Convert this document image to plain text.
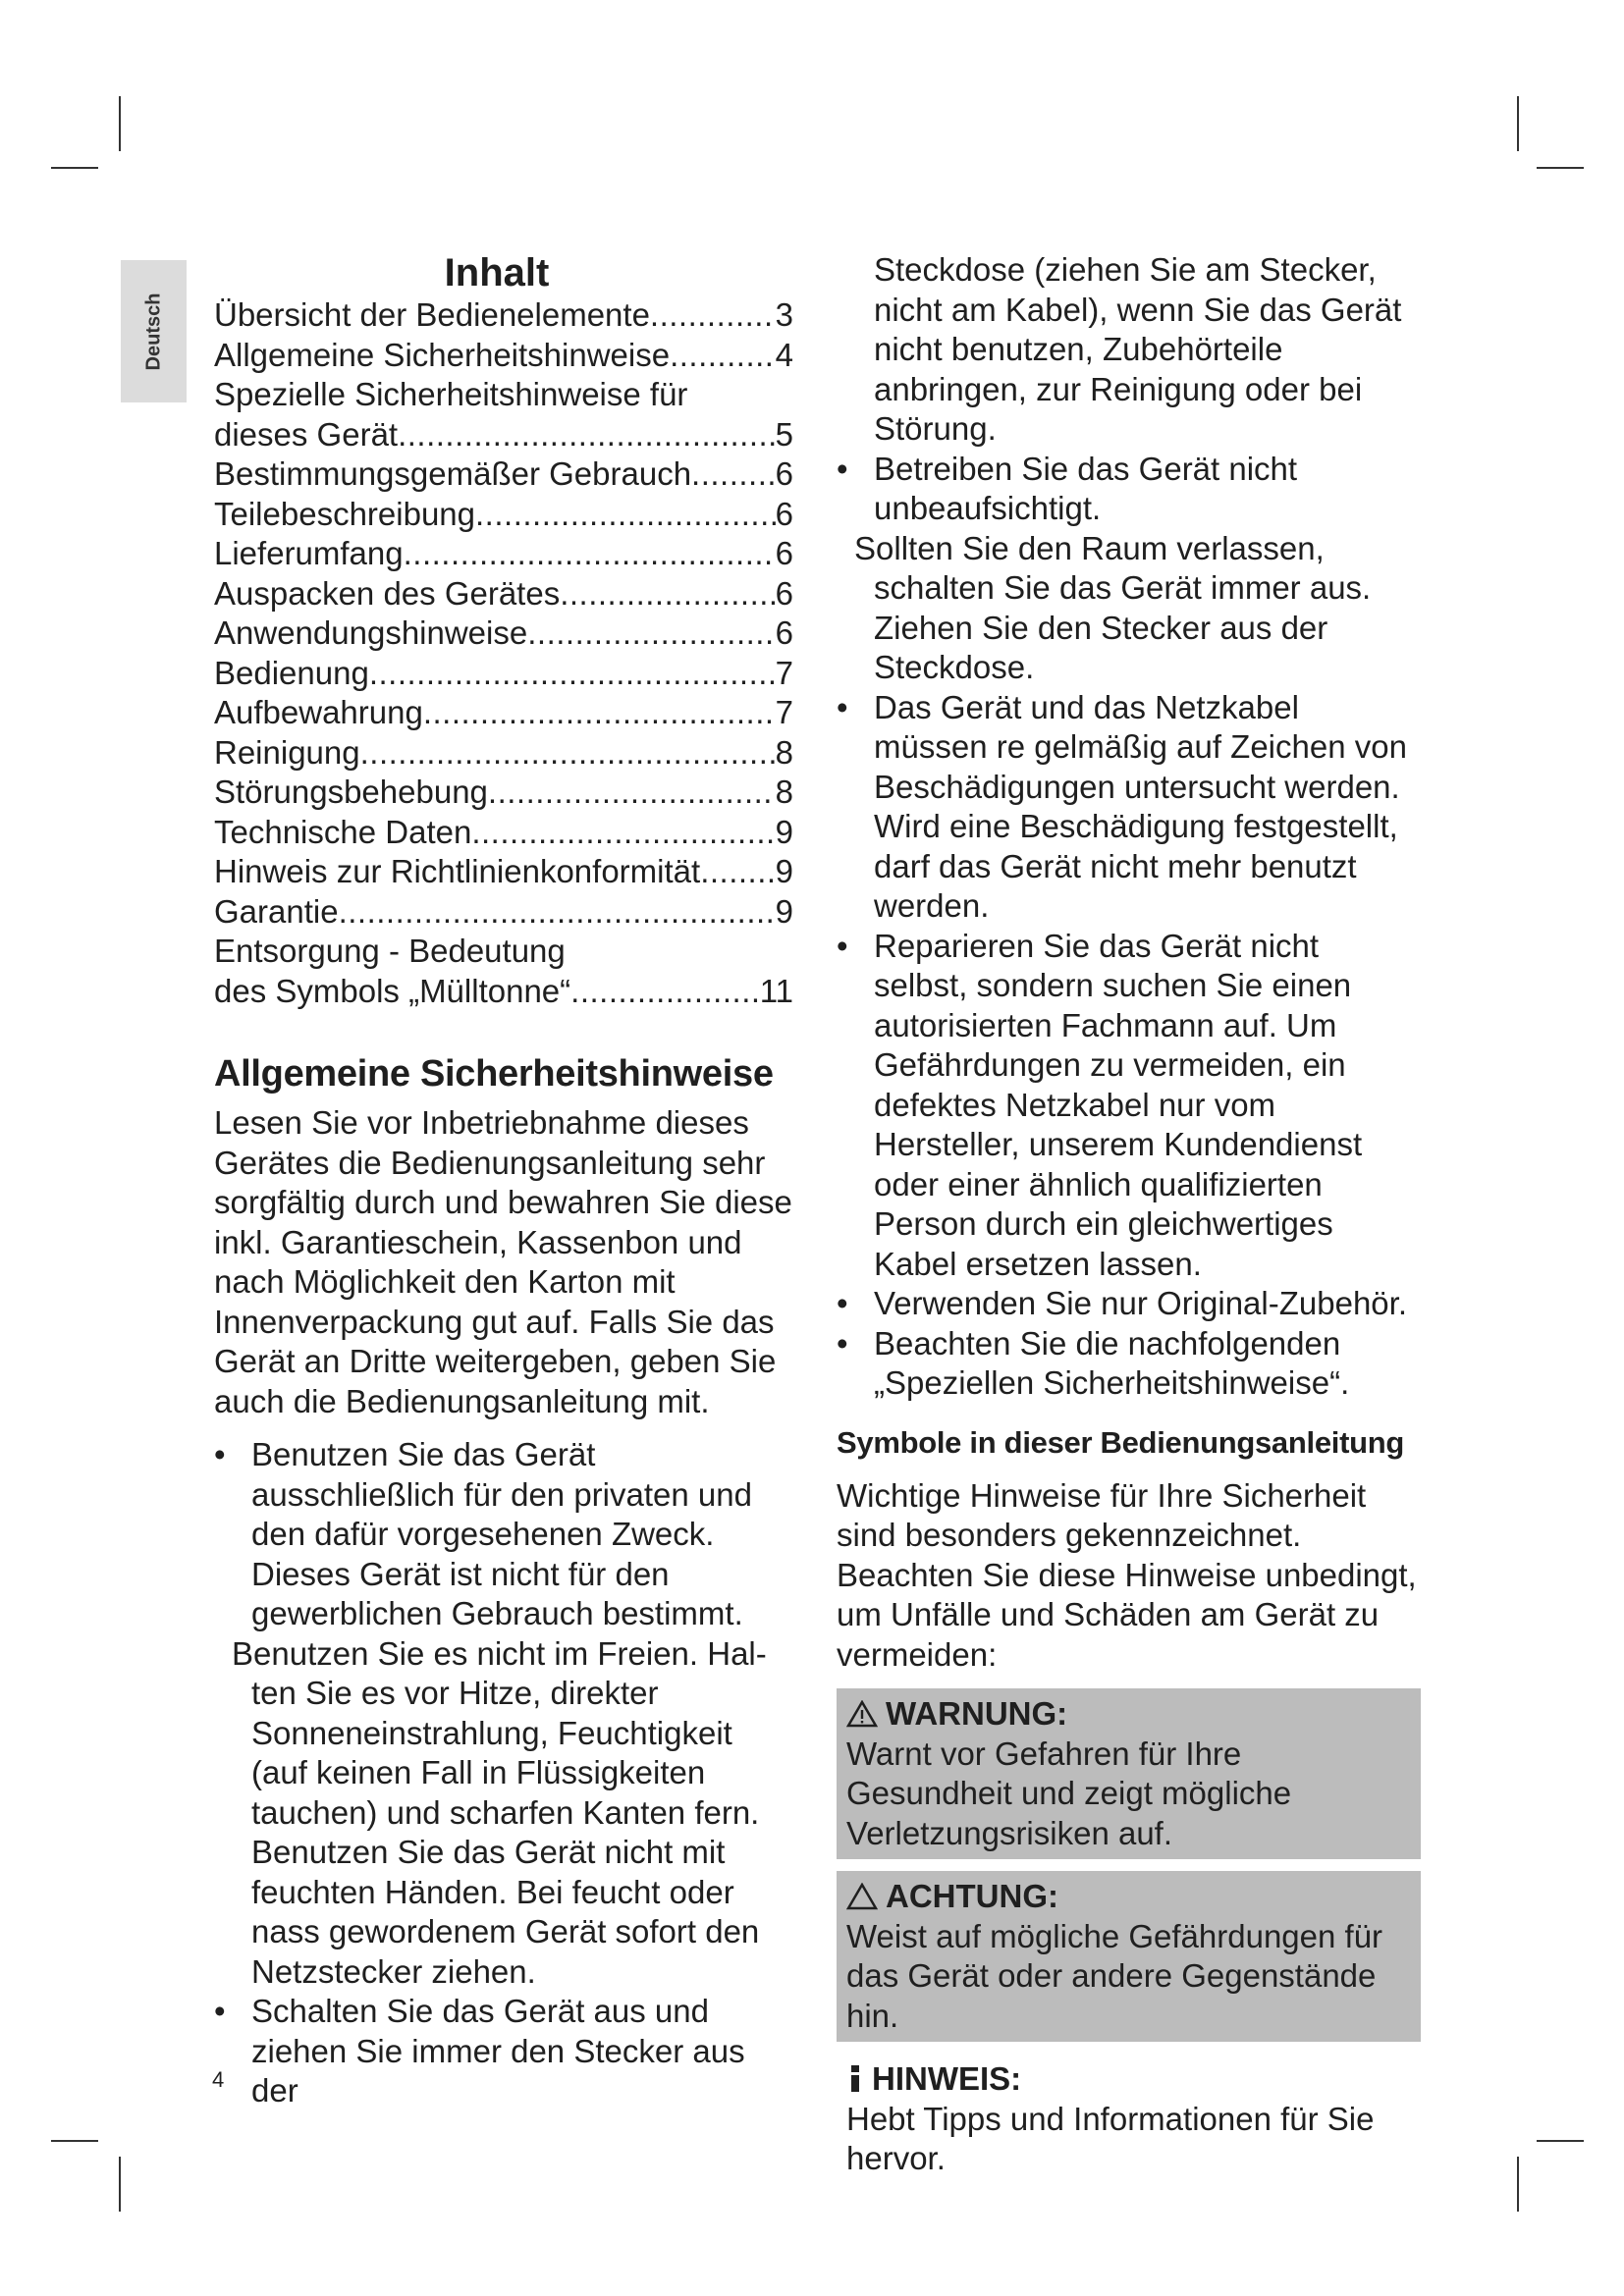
Deutsch
Inhalt
Übersicht der Bedienelemente .....	3
Allgemeine Sicherheitshinweise .....	4
Spezielle Sicherheitshinweise für
dieses Gerät .....	5
Bestimmungsgemäßer Gebrauch .....	6
Teilebeschreibung .....	6
Lieferumfang .....	6
Auspacken des Gerätes .....	6
Anwendungshinweise .....	6
Bedienung .....	7
Aufbewahrung .....	7
Reinigung .....	8
Störungsbehebung .....	8
Technische Daten .....	9
Hinweis zur Richtlinienkonformität ..... 9
Garantie .....	9
Entsorgung - Bedeutung
des Symbols „Mülltonne“ .....	11
Allgemeine Sicherheitshinweise

Lesen Sie vor Inbetriebnahme dieses Gerätes die Bedienungsanleitung sehr sorgfältig durch und bewahren Sie diese inkl. Garantieschein, Kassenbon und nach Möglichkeit den Karton mit Innenverpackung gut auf. Falls Sie das Gerät an Dritte weitergeben, geben Sie auch die Bedienungsanleitung mit.

• Benutzen Sie das Gerät ausschließlich für den privaten und den dafür vorgesehenen Zweck. Dieses Gerät ist nicht für den gewerblichen Gebrauch bestimmt.
Benutzen Sie es nicht im Freien. Hal-
ten Sie es vor Hitze, direkter Sonneneinstrahlung, Feuchtigkeit (auf keinen Fall in Flüssigkeiten tauchen) und scharfen Kanten fern. Benutzen Sie das Gerät nicht mit feuchten Händen. Bei feucht oder nass gewordenem Gerät sofort den Netzstecker ziehen.
• Schalten Sie das Gerät aus und ziehen Sie immer den Stecker aus der
Steckdose (ziehen Sie am Stecker, nicht am Kabel), wenn Sie das Gerät nicht benutzen, Zubehörteile anbringen, zur Reinigung oder bei Störung.
• Betreiben Sie das Gerät nicht unbeaufsichtigt.
Sollten Sie den Raum verlassen,
schalten Sie das Gerät immer aus. Ziehen Sie den Stecker aus der Steckdose.
• Das Gerät und das Netzkabel müssen re gelmäßig auf Zeichen von Beschädigungen untersucht werden. Wird eine Beschädigung festgestellt, darf das Gerät nicht mehr benutzt werden.
• Reparieren Sie das Gerät nicht selbst, sondern suchen Sie einen autorisierten Fachmann auf. Um Gefährdungen zu vermeiden, ein defektes Netzkabel nur vom Hersteller, unserem Kundendienst oder einer ähnlich qualifizierten Person durch ein gleichwertiges Kabel ersetzen lassen.
• Verwenden Sie nur Original-Zubehör.
• Beachten Sie die nachfolgenden „Speziellen Sicherheitshinweise“.
Symbole in dieser Bedienungsanleitung

Wichtige Hinweise für Ihre Sicherheit sind besonders gekennzeichnet. Beachten Sie diese Hinweise unbedingt, um Unfälle und Schäden am Gerät zu vermeiden:

WARNUNG:
Warnt vor Gefahren für Ihre Gesundheit und zeigt mögliche Verletzungsrisiken auf.
ACHTUNG:
Weist auf mögliche Gefährdungen für das Gerät oder andere Gegenstände hin.
HINWEIS:
Hebt Tipps und Informationen für Sie hervor.
4
